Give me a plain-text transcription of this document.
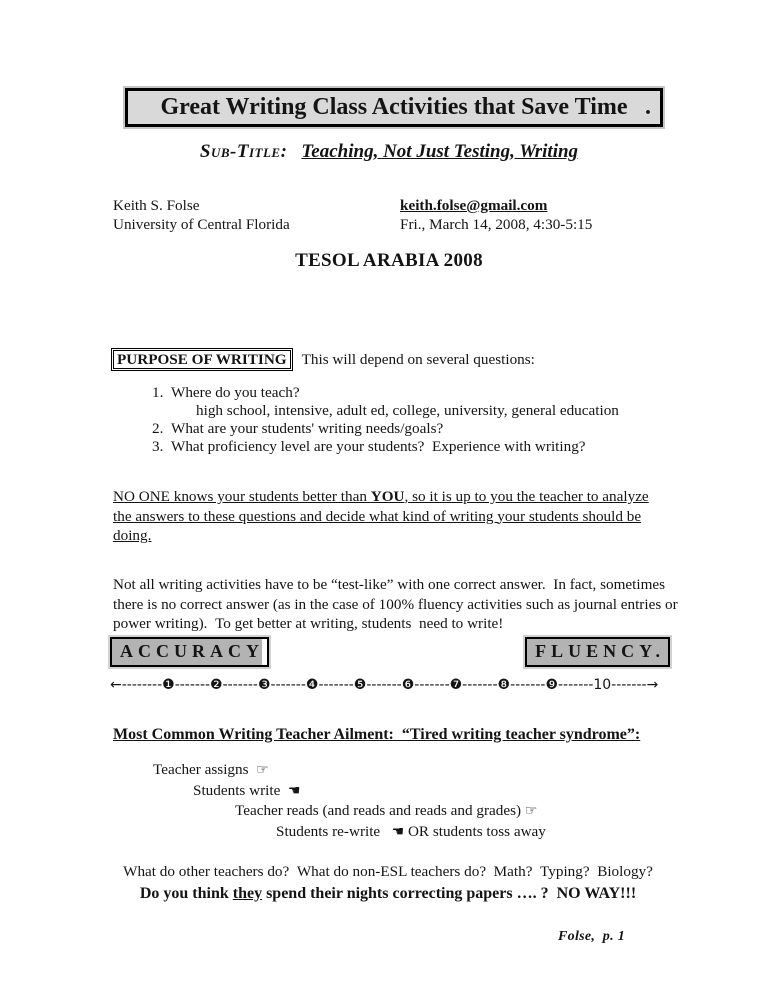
Great Writing Class Activities that Save Time .
Sub-Title: Teaching, Not Just Testing, Writing
Keith S. Folse
University of Central Florida
keith.folse@gmail.com
Fri., March 14, 2008, 4:30-5:15
TESOL ARABIA 2008
PURPOSE OF WRITING This will depend on several questions:
1.  Where do you teach?
high school, intensive, adult ed, college, university, general education
2.  What are your students' writing needs/goals?
3.  What proficiency level are your students?  Experience with writing?
NO ONE knows your students better than YOU, so it is up to you the teacher to analyze the answers to these questions and decide what kind of writing your students should be doing.
Not all writing activities have to be “test-like” with one correct answer.  In fact, sometimes there is no correct answer (as in the case of 100% fluency activities such as journal entries or power writing).  To get better at writing, students  need to write!
ACCURACY	FLUENCY.
←--------❶-------❷-------❸-------❹-------❺-------❻-------❼-------❽-------❾-------10-------→
Most Common Writing Teacher Ailment:  “Tired writing teacher syndrome”:
Teacher assigns  ☞
Students write  ☚
Teacher reads (and reads and reads and grades) ☞
Students re-write   ☚ OR students toss away
What do other teachers do?  What do non-ESL teachers do?  Math?  Typing?  Biology?
Do you think they spend their nights correcting papers …. ?  NO WAY!!!
Folse,  p. 1
